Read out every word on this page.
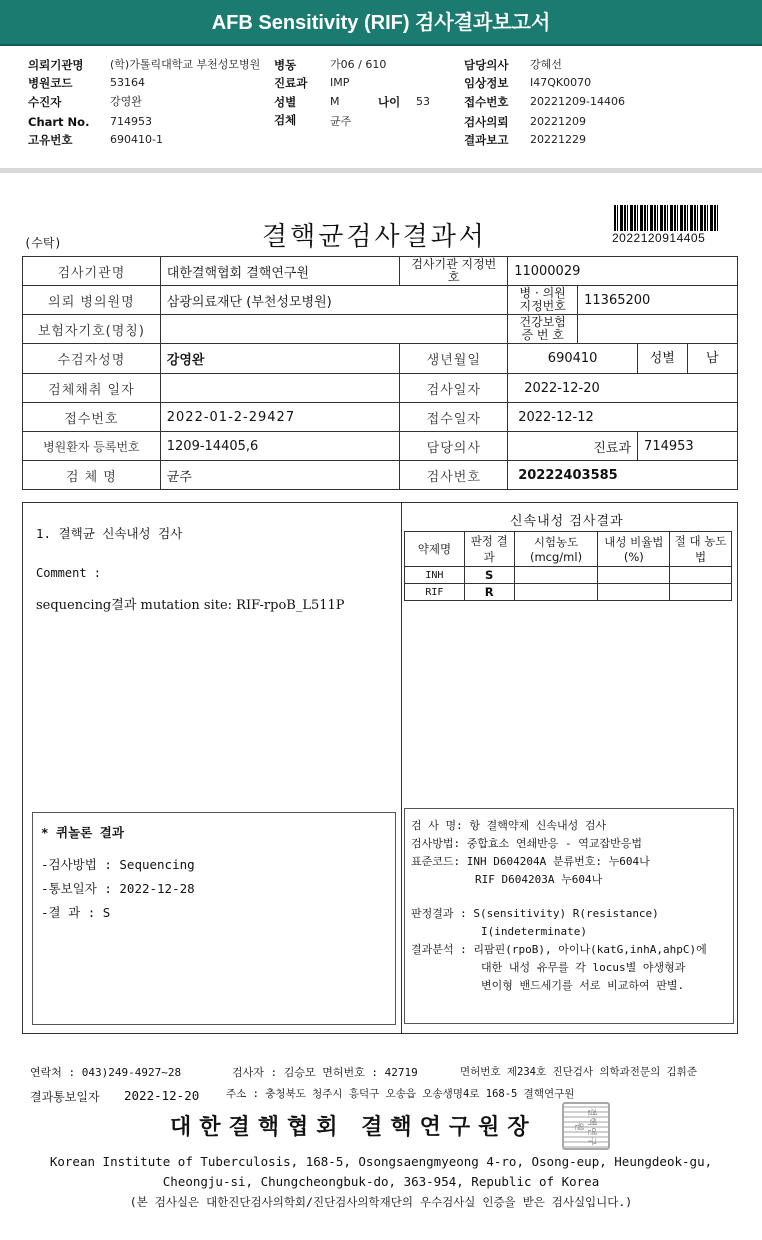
AFB Sensitivity (RIF) 검사결과보고서
의뢰기관명 (학)가톨릭대학교 부천성모병원 병동	가06 / 610	담당의사 강혜선
병원코드	53164	진료과 IMP	임상정보 I47QK0070
수진자	강영완	성별	M	나이 53	접수번호 20221209-14406
Chart No. 714953	검체	균주	검사의뢰 20221209
고유번호	690410-1	결과보고 20221229
(수탁)	결핵균검사결과서	2022120914405
검사기관명	대한결핵협회 결핵연구원	검사기관 지정번호	11000029		
의뢰 병의원명	삼광의료재단 (부천성모병원)		병 · 의원 지정번호	11365200	
보험자기호(명칭)			건강보험 증 번 호		
수검자성명	강영완	생년월일	690410		성별 남

검체채취 일자		검사일자	2022-12-20		
접수번호	2022-01-2-29427	접수일자	2022-12-12		
병원환자 등록번호	1209-14405,6	담당의사	진료과		714953
검 체 명	균주	검사번호	20222403585		
1. 결핵균 신속내성 검사
Comment :
sequencing결과 mutation site: RIF-rpoB_L511P
* 퀴놀론 결과
-검사방법 : Sequencing
-통보일자 : 2022-12-28
-결 과 : S
신속내성 검사결과
약제명	판정 결과	시험농도 (mcg/ml)	내성 비율법(%)	절 대 농도법
INH	S			
RIF	R			
검 사 명: 항 결핵약제 신속내성 검사
검사방법: 중합효소 연쇄반응 - 역교잡반응법
표준코드: INH D604204A 분류번호: 누604나
RIF D604203A 누604나
판정결과 : S(sensitivity) R(resistance)
I(indeterminate)
결과분석 : 리팜핀(rpoB), 아이나(katG,inhA,ahpC)에
대한 내성 유무를 각 locus별 야생형과
변이형 밴드세기를 서로 비교하여 판별.
연락처 : 043)249-4927~28	검사자 : 김승모 면허번호 : 42719	면허번호 제234호 진단검사 의학과전문의 김휘준
결과통보일자 2022-12-20	주소 : 충청북도 청주시 흥덕구 오송읍 오송생명4로 168-5 결핵연구원
대한결핵협회 결핵연구원장	결핵연구원
Korean Institute of Tuberculosis, 168-5, Osongsaengmyeong 4-ro, Osong-eup, Heungdeok-gu,
Cheongju-si, Chungcheongbuk-do, 363-954, Republic of Korea
(본 검사실은 대한진단검사의학회/진단검사의학재단의 우수검사실 인증을 받은 검사실입니다.)
